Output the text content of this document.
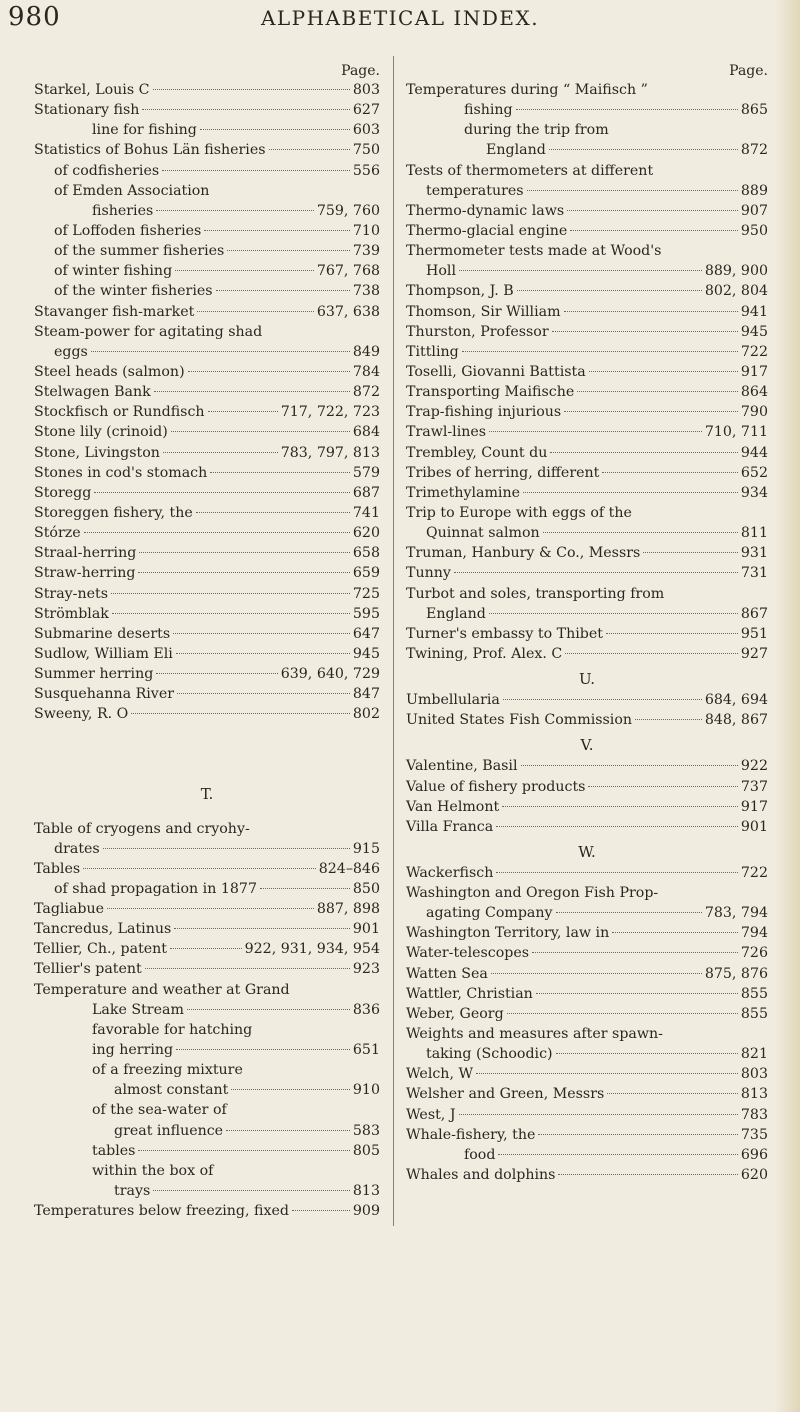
980	ALPHABETICAL INDEX.
Page.
Starkel, Louis C	803
Stationary fish	627
line for fishing	603
Statistics of Bohus Län fisheries	750
of codfisheries	556
of Emden Association
fisheries	759, 760
of Loffoden fisheries	710
of the summer fisheries	739
of winter fishing	767, 768
of the winter fisheries	738
Stavanger fish-market	637, 638
Steam-power for agitating shad
eggs	849
Steel heads (salmon)	784
Stelwagen Bank	872
Stockfisch or Rundfisch	717, 722, 723
Stone lily (crinoid)	684
Stone, Livingston	783, 797, 813
Stones in cod's stomach	579
Storegg	687
Storeggen fishery, the	741
Stórze	620
Straal-herring	658
Straw-herring	659
Stray-nets	725
Strömblak	595
Submarine deserts	647
Sudlow, William Eli	945
Summer herring	639, 640, 729
Susquehanna River	847
Sweeny, R. O	802
T.
Table of cryogens and cryohy-
drates	915
Tables	824–846
of shad propagation in 1877	850
Tagliabue	887, 898
Tancredus, Latinus	901
Tellier, Ch., patent	922, 931, 934, 954
Tellier's patent	923
Temperature and weather at Grand
Lake Stream	836
favorable for hatching
ing herring	651
of a freezing mixture
almost constant	910
of the sea-water of
great influence	583
tables	805
within the box of
trays	813
Temperatures below freezing, fixed	909
Page.
Temperatures during “ Maifisch ”
fishing	865
during the trip from
England	872
Tests of thermometers at different
temperatures	889
Thermo-dynamic laws	907
Thermo-glacial engine	950
Thermometer tests made at Wood's
Holl	889, 900
Thompson, J. B	802, 804
Thomson, Sir William	941
Thurston, Professor	945
Tittling	722
Toselli, Giovanni Battista	917
Transporting Maifische	864
Trap-fishing injurious	790
Trawl-lines	710, 711
Trembley, Count du	944
Tribes of herring, different	652
Trimethylamine	934
Trip to Europe with eggs of the
Quinnat salmon	811
Truman, Hanbury & Co., Messrs	931
Tunny	731
Turbot and soles, transporting from
England	867
Turner's embassy to Thibet	951
Twining, Prof. Alex. C	927
U.
Umbellularia	684, 694
United States Fish Commission	848, 867
V.
Valentine, Basil	922
Value of fishery products	737
Van Helmont	917
Villa Franca	901
W.
Wackerfisch	722
Washington and Oregon Fish Prop-
agating Company	783, 794
Washington Territory, law in	794
Water-telescopes	726
Watten Sea	875, 876
Wattler, Christian	855
Weber, Georg	855
Weights and measures after spawn-
taking (Schoodic)	821
Welch, W	803
Welsher and Green, Messrs	813
West, J	783
Whale-fishery, the	735
food	696
Whales and dolphins	620
